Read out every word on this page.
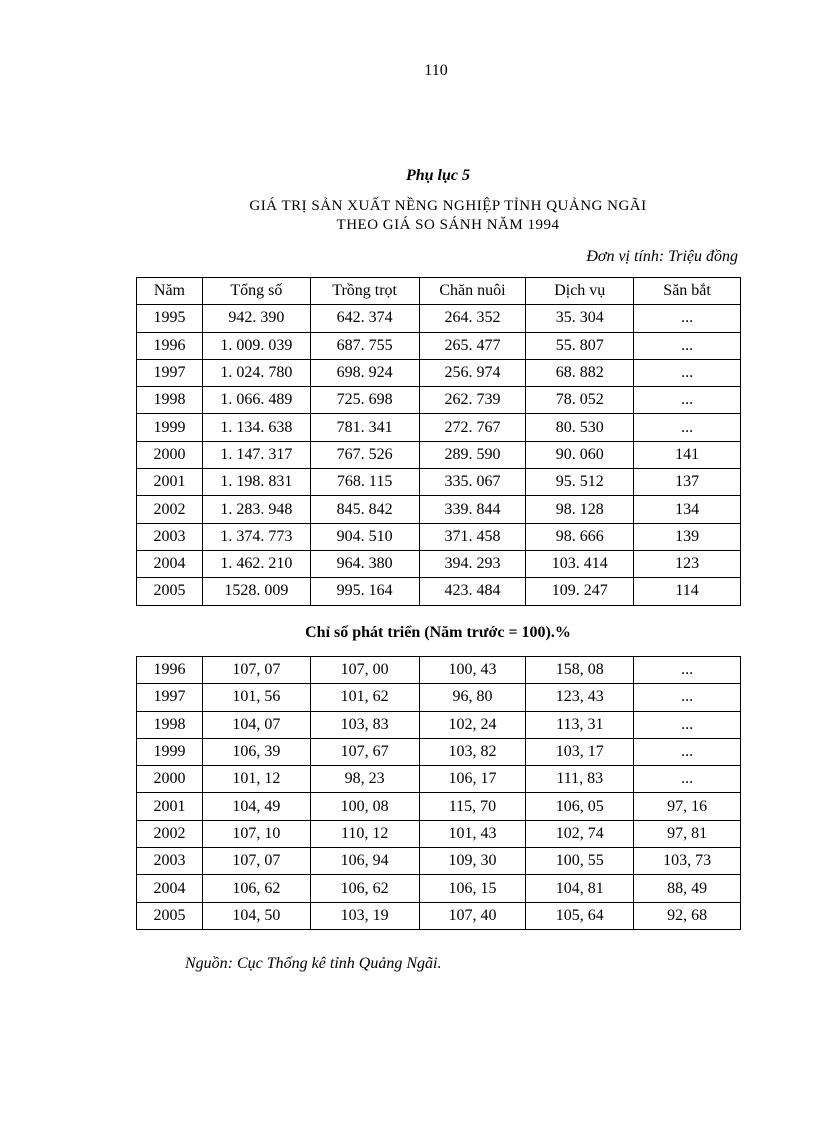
110
Phụ lục 5
GIÁ TRỊ SẢN XUẤT NỀNG NGHIỆP TỈNH QUẢNG NGÃI
THEO GIÁ SO SÁNH NĂM 1994
Đơn vị tính: Triệu đồng
Năm	Tổng số	Trồng trọt	Chăn nuôi	Dịch vụ	Săn bắt
1995	942. 390	642. 374	264. 352	35. 304	...
1996	1. 009. 039	687. 755	265. 477	55. 807	...
1997	1. 024. 780	698. 924	256. 974	68. 882	...
1998	1. 066. 489	725. 698	262. 739	78. 052	...
1999	1. 134. 638	781. 341	272. 767	80. 530	...
2000	1. 147. 317	767. 526	289. 590	90. 060	141
2001	1. 198. 831	768. 115	335. 067	95. 512	137
2002	1. 283. 948	845. 842	339. 844	98. 128	134
2003	1. 374. 773	904. 510	371. 458	98. 666	139
2004	1. 462. 210	964. 380	394. 293	103. 414	123
2005	1528. 009	995. 164	423. 484	109. 247	114
Chỉ số phát triển (Năm trước = 100).%
1996	107, 07	107, 00	100, 43	158, 08	...
1997	101, 56	101, 62	96, 80	123, 43	...
1998	104, 07	103, 83	102, 24	113, 31	...
1999	106, 39	107, 67	103, 82	103, 17	...
2000	101, 12	98, 23	106, 17	111, 83	...
2001	104, 49	100, 08	115, 70	106, 05	97, 16
2002	107, 10	110, 12	101, 43	102, 74	97, 81
2003	107, 07	106, 94	109, 30	100, 55	103, 73
2004	106, 62	106, 62	106, 15	104, 81	88, 49
2005	104, 50	103, 19	107, 40	105, 64	92, 68
Nguồn: Cục Thống kê tỉnh Quảng Ngãi.
